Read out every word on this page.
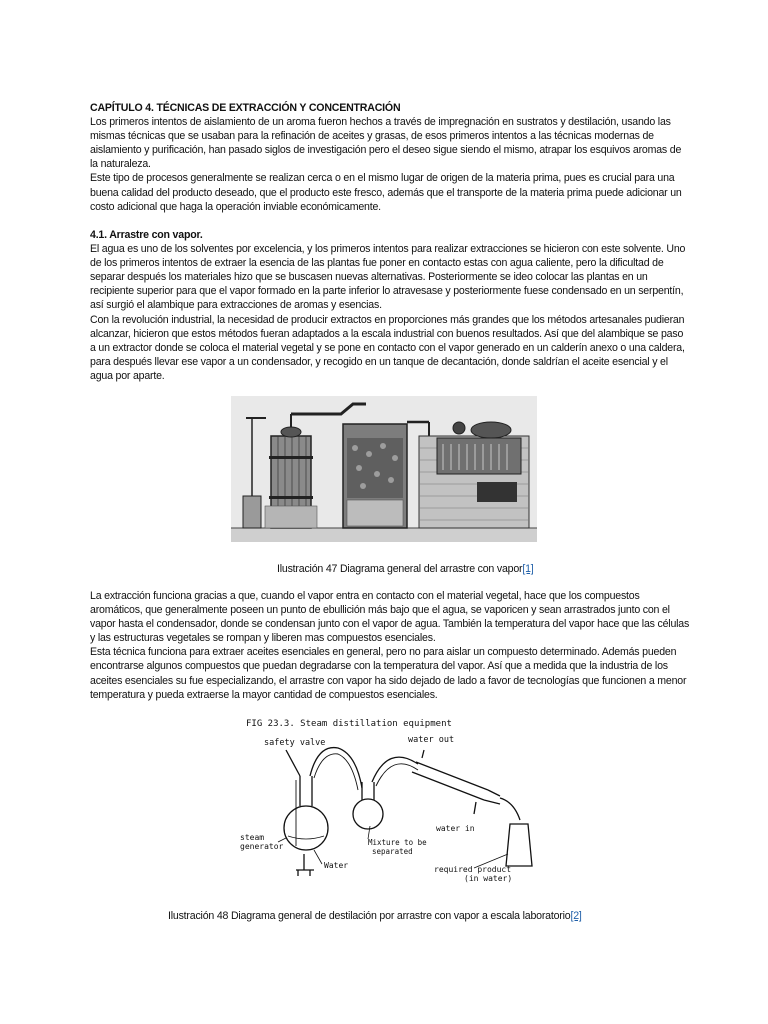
CAPÍTULO 4. TÉCNICAS DE EXTRACCIÓN Y CONCENTRACIÓN

Los primeros intentos de aislamiento de un aroma fueron hechos a través de impregnación en sustratos y destilación, usando las mismas técnicas que se usaban para la refinación de aceites y grasas, de esos primeros intentos a las técnicas modernas de aislamiento y purificación, han pasado siglos de investigación pero el deseo sigue siendo el mismo, atrapar los esquivos aromas de la naturaleza.

Este tipo de procesos generalmente se realizan cerca o en el mismo lugar de origen de la materia prima, pues es crucial para una buena calidad del producto deseado, que el producto este fresco, además que el transporte de la materia prima puede adicionar un costo adicional que haga la operación inviable económicamente.

4.1. Arrastre con vapor.

El agua es uno de los solventes por excelencia, y los primeros intentos para realizar extracciones se hicieron con este solvente. Uno de los primeros intentos de extraer la esencia de las plantas fue poner en contacto estas con agua caliente, pero la dificultad de separar después los materiales hizo que se buscasen nuevas alternativas. Posteriormente se ideo colocar las plantas en un recipiente superior para que el vapor formado en la parte inferior lo atravesase y posteriormente fuese condensado en un serpentín, así surgió el alambique para extracciones de aromas y esencias.

Con la revolución industrial, la necesidad de producir extractos en proporciones más grandes que los métodos artesanales pudieran alcanzar, hicieron que estos métodos fueran adaptados a la escala industrial con buenos resultados. Así que del alambique se paso a un extractor donde se coloca el material vegetal y se pone en contacto con el vapor generado en un calderín anexo o una caldera, para después llevar ese vapor a un condensador, y recogido en un tanque de decantación, donde saldrían el aceite esencial y el agua por aparte.

Ilustración 47 Diagrama general del arrastre con vapor[1]

La extracción funciona gracias a que, cuando el vapor entra en contacto con el material vegetal, hace que los compuestos aromáticos, que generalmente poseen un punto de ebullición más bajo que el agua, se vaporicen y sean arrastrados junto con el vapor hasta el condensador, donde se condensan junto con el vapor de agua. También la temperatura del vapor hace que las células y las estructuras vegetales se rompan y liberen mas compuestos esenciales.

Esta técnica funciona para extraer aceites esenciales en general, pero no para aislar un compuesto determinado. Además pueden encontrarse algunos compuestos que puedan degradarse con la temperatura del vapor. Así que a medida que la industria de los aceites esenciales su fue especializando, el arrastre con vapor ha sido dejado de lado a favor de tecnologías que funcionen a menor temperatura y pueda extraerse la mayor cantidad de compuestos esenciales.

FIG 23.3. Steam distillation equipment
safety valve	water out
water in
steam
generator
Water
Mixture to be
separated
required product
(in water)
Ilustración 48 Diagrama general de destilación por arrastre con vapor a escala laboratorio[2]
